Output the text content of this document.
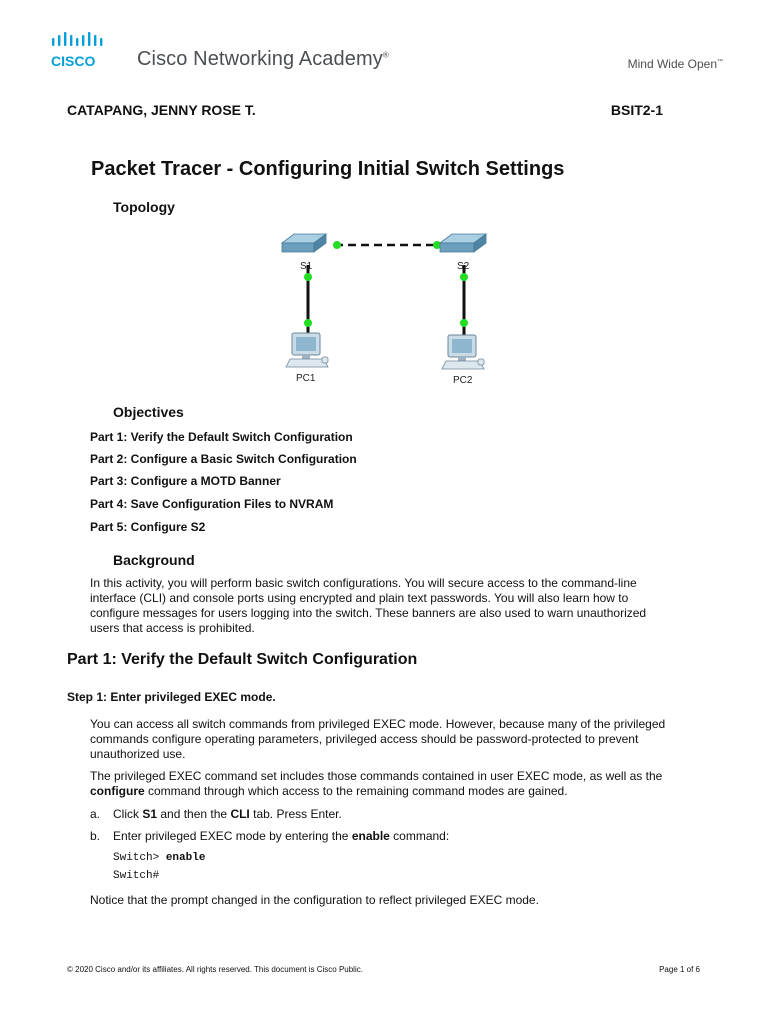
CISCO Cisco Networking Academy®
Mind Wide Open™
CATAPANG, JENNY ROSE T.	BSIT2-1
Packet Tracer - Configuring Initial Switch Settings
Topology
S1	S2
PC1	PC2
Objectives
Part 1: Verify the Default Switch Configuration
Part 2: Configure a Basic Switch Configuration
Part 3: Configure a MOTD Banner
Part 4: Save Configuration Files to NVRAM
Part 5: Configure S2
Background
In this activity, you will perform basic switch configurations. You will secure access to the command-line
interface (CLI) and console ports using encrypted and plain text passwords. You will also learn how to
configure messages for users logging into the switch. These banners are also used to warn unauthorized
users that access is prohibited.
Part 1: Verify the Default Switch Configuration
Step 1: Enter privileged EXEC mode.
You can access all switch commands from privileged EXEC mode. However, because many of the privileged
commands configure operating parameters, privileged access should be password-protected to prevent
unauthorized use.
The privileged EXEC command set includes those commands contained in user EXEC mode, as well as the
configure command through which access to the remaining command modes are gained.
a. Click S1 and then the CLI tab. Press Enter.
b. Enter privileged EXEC mode by entering the enable command:
Switch> enable
Switch#
Notice that the prompt changed in the configuration to reflect privileged EXEC mode.
© 2020 Cisco and/or its affiliates. All rights reserved. This document is Cisco Public.	Page 1 of 6
